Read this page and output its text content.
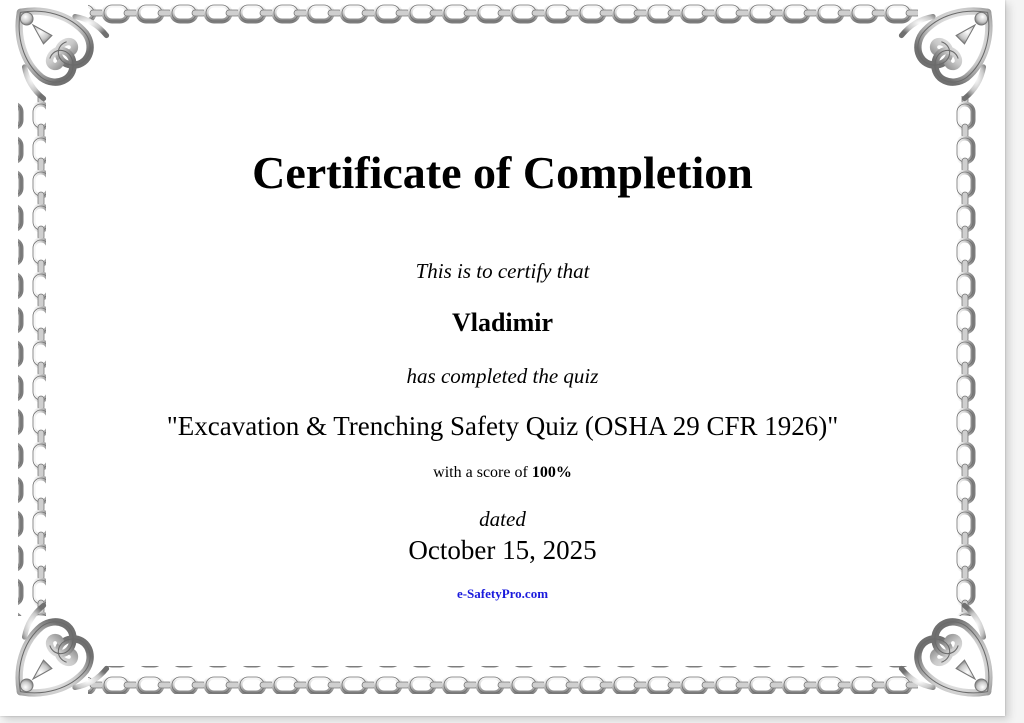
Certificate of Completion
This is to certify that
Vladimir
has completed the quiz
"Excavation & Trenching Safety Quiz (OSHA 29 CFR 1926)"
with a score of 100%
dated
October 15, 2025
e-SafetyPro.com
